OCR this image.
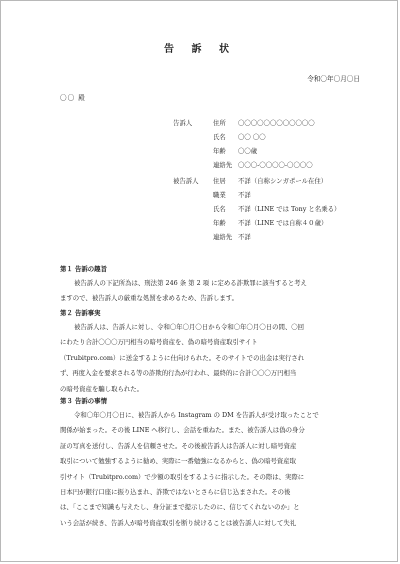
告 訴 状
令和〇年〇月〇日
〇〇 殿
告訴人	住所 〇〇〇〇〇〇〇〇〇〇〇〇
氏名 〇〇 〇〇
年齢 〇〇歳
連絡先 〇〇〇-〇〇〇〇-〇〇〇〇
被告訴人 住居 不詳（自称シンガポール在住）
職業 不詳
氏名 不詳（LINE では Tony と名乗る）
年齢 不詳（LINE では自称４０歳）
連絡先 不詳
第１ 告訴の趣旨
被告訴人の下記所為は、刑法第 246 条 第 2 項 に定める詐欺罪に該当すると考え
ますので、被告訴人の厳重な処罰を求めるため、告訴します。
第２ 告訴事実
被告訴人は、告訴人に対し、令和〇年〇月〇日から令和〇年〇月〇日の間、〇回
にわたり合計〇〇〇万円相当の暗号資産を、偽の暗号資産取引サイト
（Trubitpro.com）に送金するように仕向けられた。そのサイトでの出金は実行され
ず、再度入金を要求される等の詐欺的行為が行われ、最終的に合計〇〇〇万円相当
の暗号資産を騙し取られた。
第３ 告訴の事情
令和〇年〇月〇日に、被告訴人から Instagram の DM を告訴人が受け取ったことで
関係が始まった。その後 LINE へ移行し、会話を重ねた。また、被告訴人は偽の身分
証の写真を送付し、告訴人を信頼させた。その後被告訴人は告訴人に対し暗号資産
取引について勉強するように勧め、実際に一番勉強になるからと、偽の暗号資産取
引サイト（Trubitpro.com）で少額の取引をするように指示した。その際は、実際に
日本円が銀行口座に振り込まれ、詐欺ではないとさらに信じ込まされた。その後
は、「ここまで知識も与えたし、身分証まで提示したのに、信じてくれないのか」と
いう会話が続き、告訴人が暗号資産取引を断り続けることは被告訴人に対して失礼
